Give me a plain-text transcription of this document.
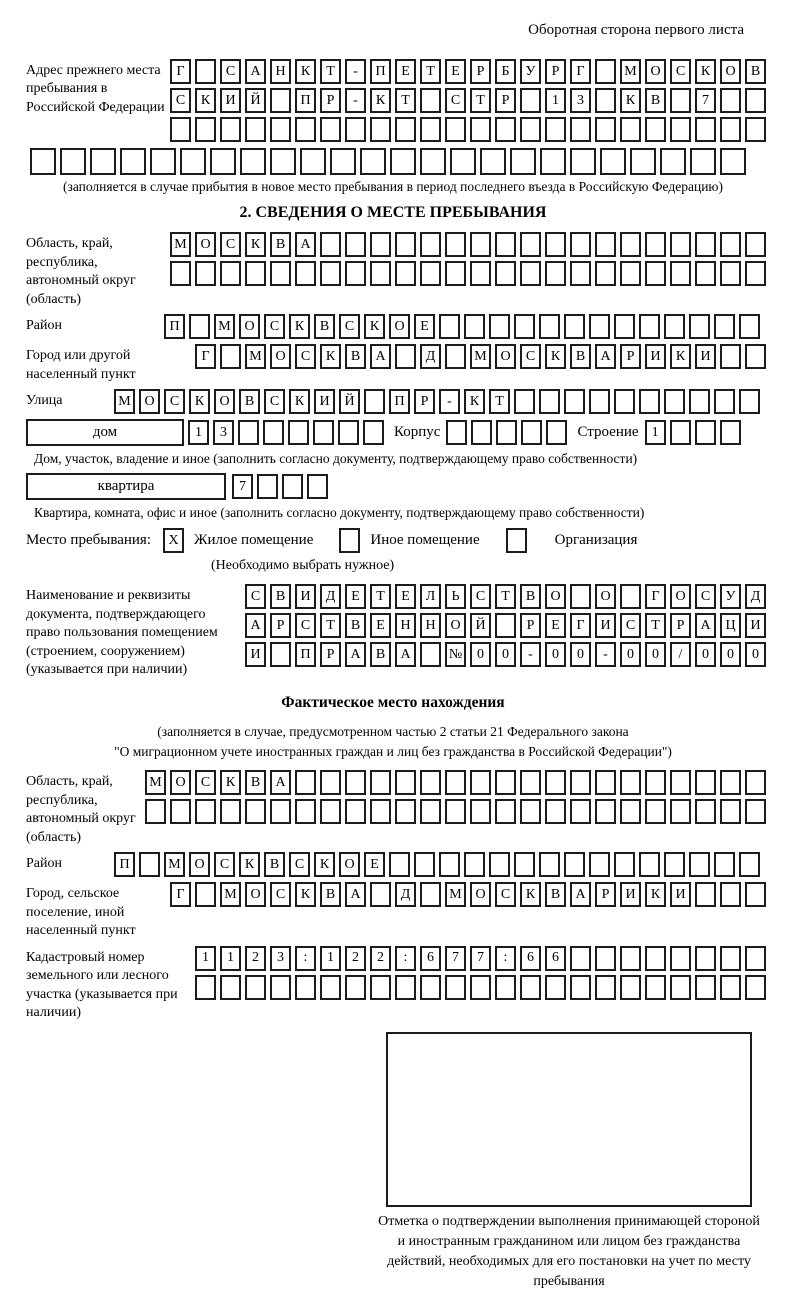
Оборотная сторона первого листа
Адрес прежнего места пребывания в Российской Федерации
Г	С	А	Н	К	Т	-	П	Е	Т	Е	Р	Б	У	Р	Г	М О	С	К	О	В
С	К	И	Й	П	Р	-	К	Т	С	Т	Р	1	3	К	В	7
(заполняется в случае прибытия в новое место пребывания в период последнего въезда в Российскую Федерацию)
2. СВЕДЕНИЯ О МЕСТЕ ПРЕБЫВАНИЯ
Область, край, республика, автономный округ (область)
М О	С	К	В	А
Район	П	М О	С	К	В	С	К	О	Е
Город или другой населенный пункт
Г	М О	С	К	В	А	Д	М О	С	К	В	А	Р	И	К	И
Улица	М О	С	К	О	В	С	К	И	Й	П	Р	-	К	Т
дом	1	3	Корпус	Строение 1
Дом, участок, владение и иное (заполнить согласно документу, подтверждающему право собственности)
квартира	7
Квартира, комната, офис и иное (заполнить согласно документу, подтверждающему право собственности)
Место пребывания:	X	Жилое помещение	Иное помещение	Организация
(Необходимо выбрать нужное)
Наименование и реквизиты документа, подтверждающего право пользования помещением (строением, сооружением) (указывается при наличии)
С	В	И	Д	Е	Т	Е	Л	Ь	С	Т	В	О	О	Г	О	С	У	Д
А	Р	С	Т	В	Е	Н	Н	О	Й	Р	Е	Г	И	С	Т	Р	А	Ц	И
И	П	Р	А	В	А	№	0	0	-	0	0	-	0	0	/	0	0	0
Фактическое место нахождения
(заполняется в случае, предусмотренном частью 2 статьи 21 Федерального закона
"О миграционном учете иностранных граждан и лиц без гражданства в Российской Федерации")
Область, край, республика, автономный округ (область)
М О	С	К	В	А
Район	П	М О	С	К	В	С	К	О	Е
Город, сельское поселение, иной населенный пункт
Г	М О	С	К	В	А	Д	М О	С	К	В	А	Р	И	К	И
Кадастровый номер земельного или лесного участка (указывается при наличии)
1	1	2	3	:	1	2	2	:	6	7	7	:	6	6
Отметка о подтверждении выполнения принимающей стороной и иностранным гражданином или лицом без гражданства действий, необходимых для его постановки на учет по месту пребывания
